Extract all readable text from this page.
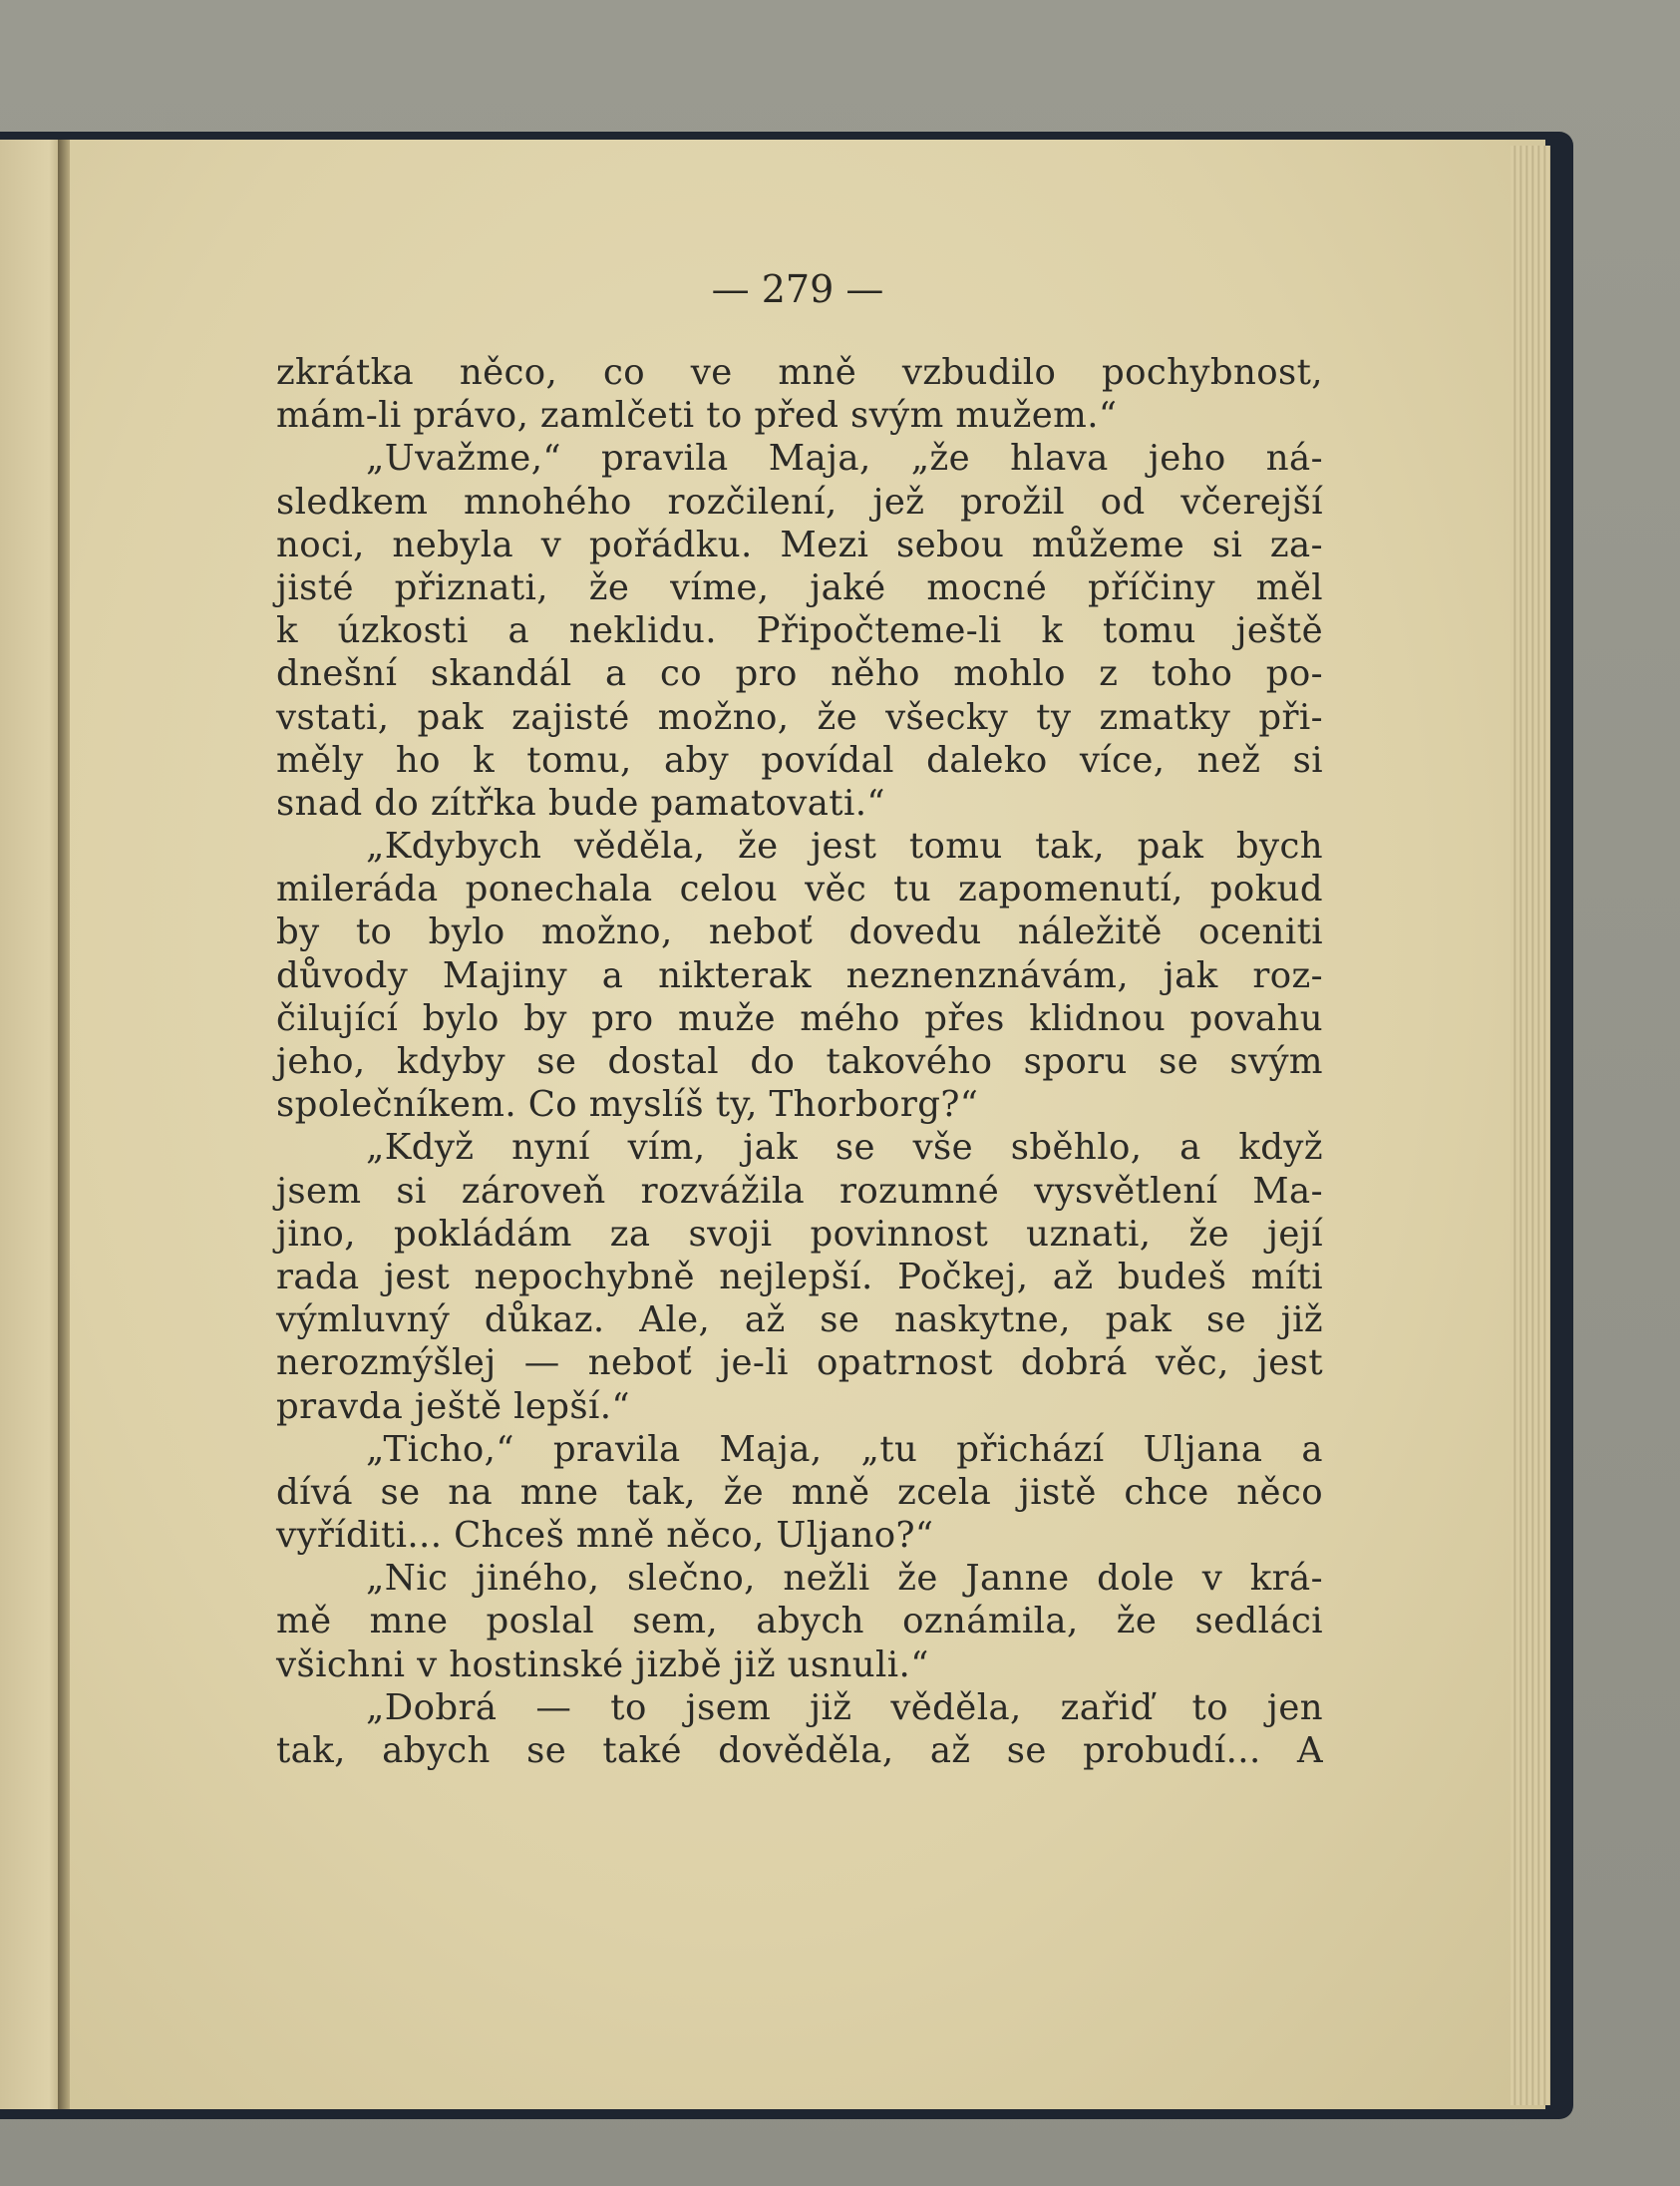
— 279 —
zkrátka něco, co ve mně vzbudilo pochybnost,
mám-li právo, zamlčeti to před svým mužem.“
„Uvažme,“ pravila Maja, „že hlava jeho ná-
sledkem mnohého rozčilení, jež prožil od včerejší
noci, nebyla v pořádku. Mezi sebou můžeme si za-
jisté přiznati, že víme, jaké mocné příčiny měl
k úzkosti a neklidu. Připočteme-li k tomu ještě
dnešní skandál a co pro něho mohlo z toho po-
vstati, pak zajisté možno, že všecky ty zmatky při-
měly ho k tomu, aby povídal daleko více, než si
snad do zítřka bude pamatovati.“
„Kdybych věděla, že jest tomu tak, pak bych
mileráda ponechala celou věc tu zapomenutí, pokud
by to bylo možno, neboť dovedu náležitě oceniti
důvody Majiny a nikterak neznenznávám, jak roz-
čilující bylo by pro muže mého přes klidnou povahu
jeho, kdyby se dostal do takového sporu se svým
společníkem. Co myslíš ty, Thorborg?“
„Když nyní vím, jak se vše sběhlo, a když
jsem si zároveň rozvážila rozumné vysvětlení Ma-
jino, pokládám za svoji povinnost uznati, že její
rada jest nepochybně nejlepší. Počkej, až budeš míti
výmluvný důkaz. Ale, až se naskytne, pak se již
nerozmýšlej — neboť je-li opatrnost dobrá věc, jest
pravda ještě lepší.“
„Ticho,“ pravila Maja, „tu přichází Uljana a
dívá se na mne tak, že mně zcela jistě chce něco
vyříditi... Chceš mně něco, Uljano?“
„Nic jiného, slečno, nežli že Janne dole v krá-
mě mne poslal sem, abych oznámila, že sedláci
všichni v hostinské jizbě již usnuli.“
„Dobrá — to jsem již věděla, zařiď to jen
tak, abych se také dověděla, až se probudí... A
